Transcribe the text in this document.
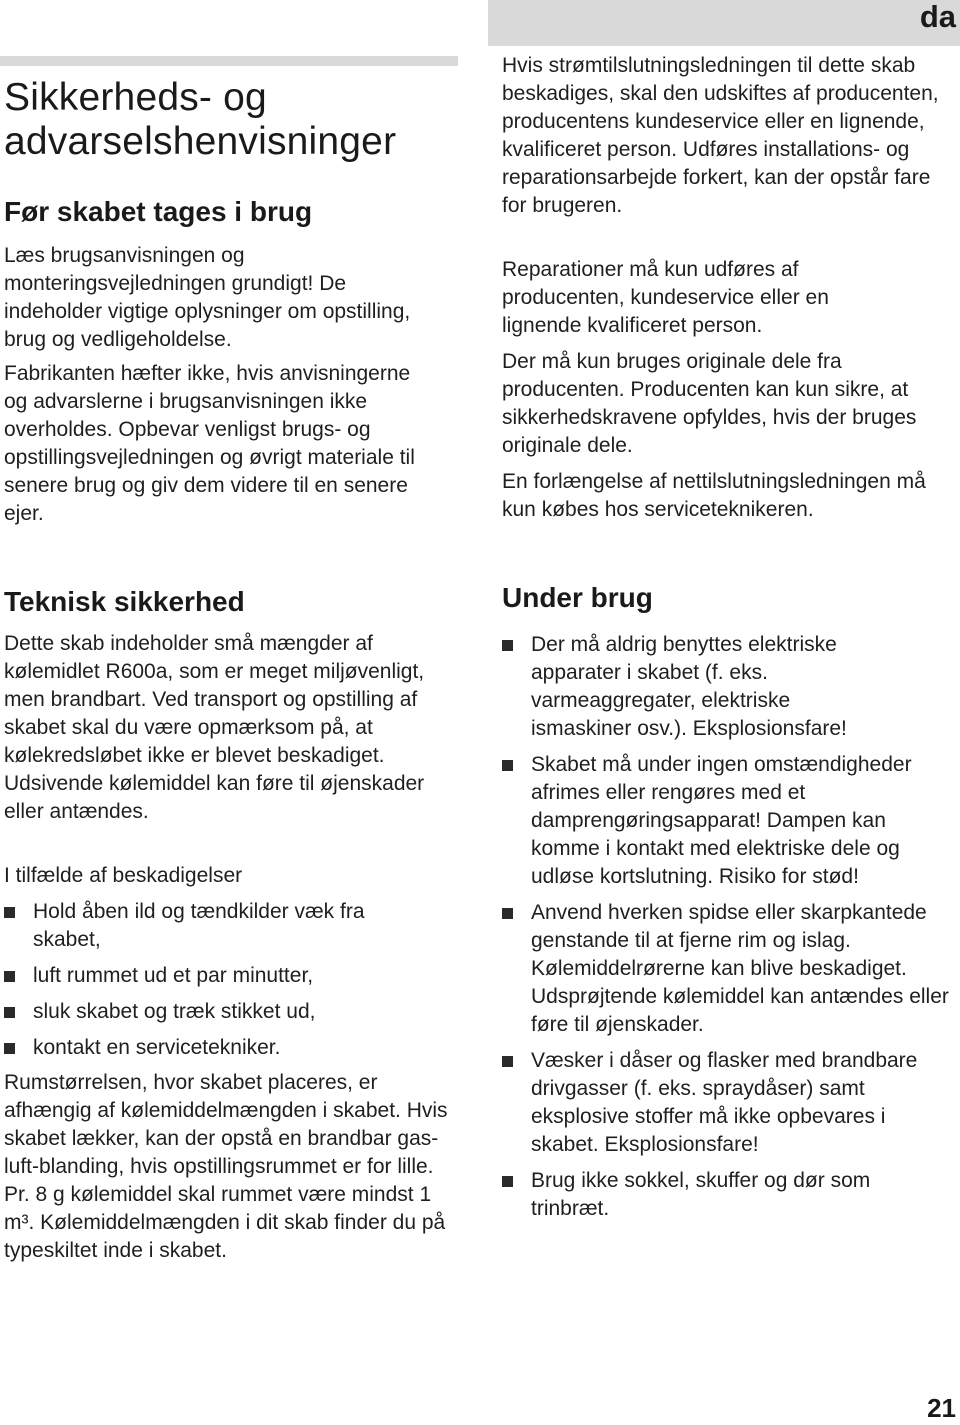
da
Sikkerheds- og advarselshenvisninger
Før skabet tages i brug

Læs brugsanvisningen og monteringsvejledningen grundigt! De indeholder vigtige oplysninger om opstilling, brug og vedligeholdelse.

Fabrikanten hæfter ikke, hvis anvisningerne og advarslerne i brugsanvisningen ikke overholdes. Opbevar venligst brugs- og opstillingsvejledningen og øvrigt materiale til senere brug og giv dem videre til en senere ejer.

Teknisk sikkerhed

Dette skab indeholder små mængder af kølemidlet R600a, som er meget miljøvenligt, men brandbart. Ved transport og opstilling af skabet skal du være opmærksom på, at kølekredsløbet ikke er blevet beskadiget. Udsivende kølemiddel kan føre til øjenskader eller antændes.

I tilfælde af beskadigelser

Hold åben ild og tændkilder væk fra skabet,
luft rummet ud et par minutter,
sluk skabet og træk stikket ud,
kontakt en servicetekniker.

Rumstørrelsen, hvor skabet placeres, er afhængig af kølemiddelmængden i skabet. Hvis skabet lækker, kan der opstå en brandbar gas-luft-blanding, hvis opstillingsrummet er for lille. Pr. 8 g kølemiddel skal rummet være mindst 1 m³. Kølemiddelmængden i dit skab finder du på typeskiltet inde i skabet.

Hvis strømtilslutningsledningen til dette skab beskadiges, skal den udskiftes af producenten, producentens kundeservice eller en lignende, kvalificeret person. Udføres installations- og reparationsarbejde forkert, kan der opstår fare for brugeren.

Reparationer må kun udføres af producenten, kundeservice eller en lignende kvalificeret person.

Der må kun bruges originale dele fra producenten. Producenten kan kun sikre, at sikkerhedskravene opfyldes, hvis der bruges originale dele.

En forlængelse af nettilslutningsledningen må kun købes hos serviceteknikeren.

Under brug
Der må aldrig benyttes elektriske apparater i skabet (f. eks. varmeaggregater, elektriske ismaskiner osv.). Eksplosionsfare!
Skabet må under ingen omstændigheder afrimes eller rengøres med et damprengøringsapparat! Dampen kan komme i kontakt med elektriske dele og udløse kortslutning. Risiko for stød!
Anvend hverken spidse eller skarpkantede genstande til at fjerne rim og islag. Kølemiddelrørerne kan blive beskadiget. Udsprøjtende kølemiddel kan antændes eller føre til øjenskader.
Væsker i dåser og flasker med brandbare drivgasser (f. eks. spraydåser) samt eksplosive stoffer må ikke opbevares i skabet. Eksplosionsfare!
Brug ikke sokkel, skuffer og dør som trinbræt.
21
